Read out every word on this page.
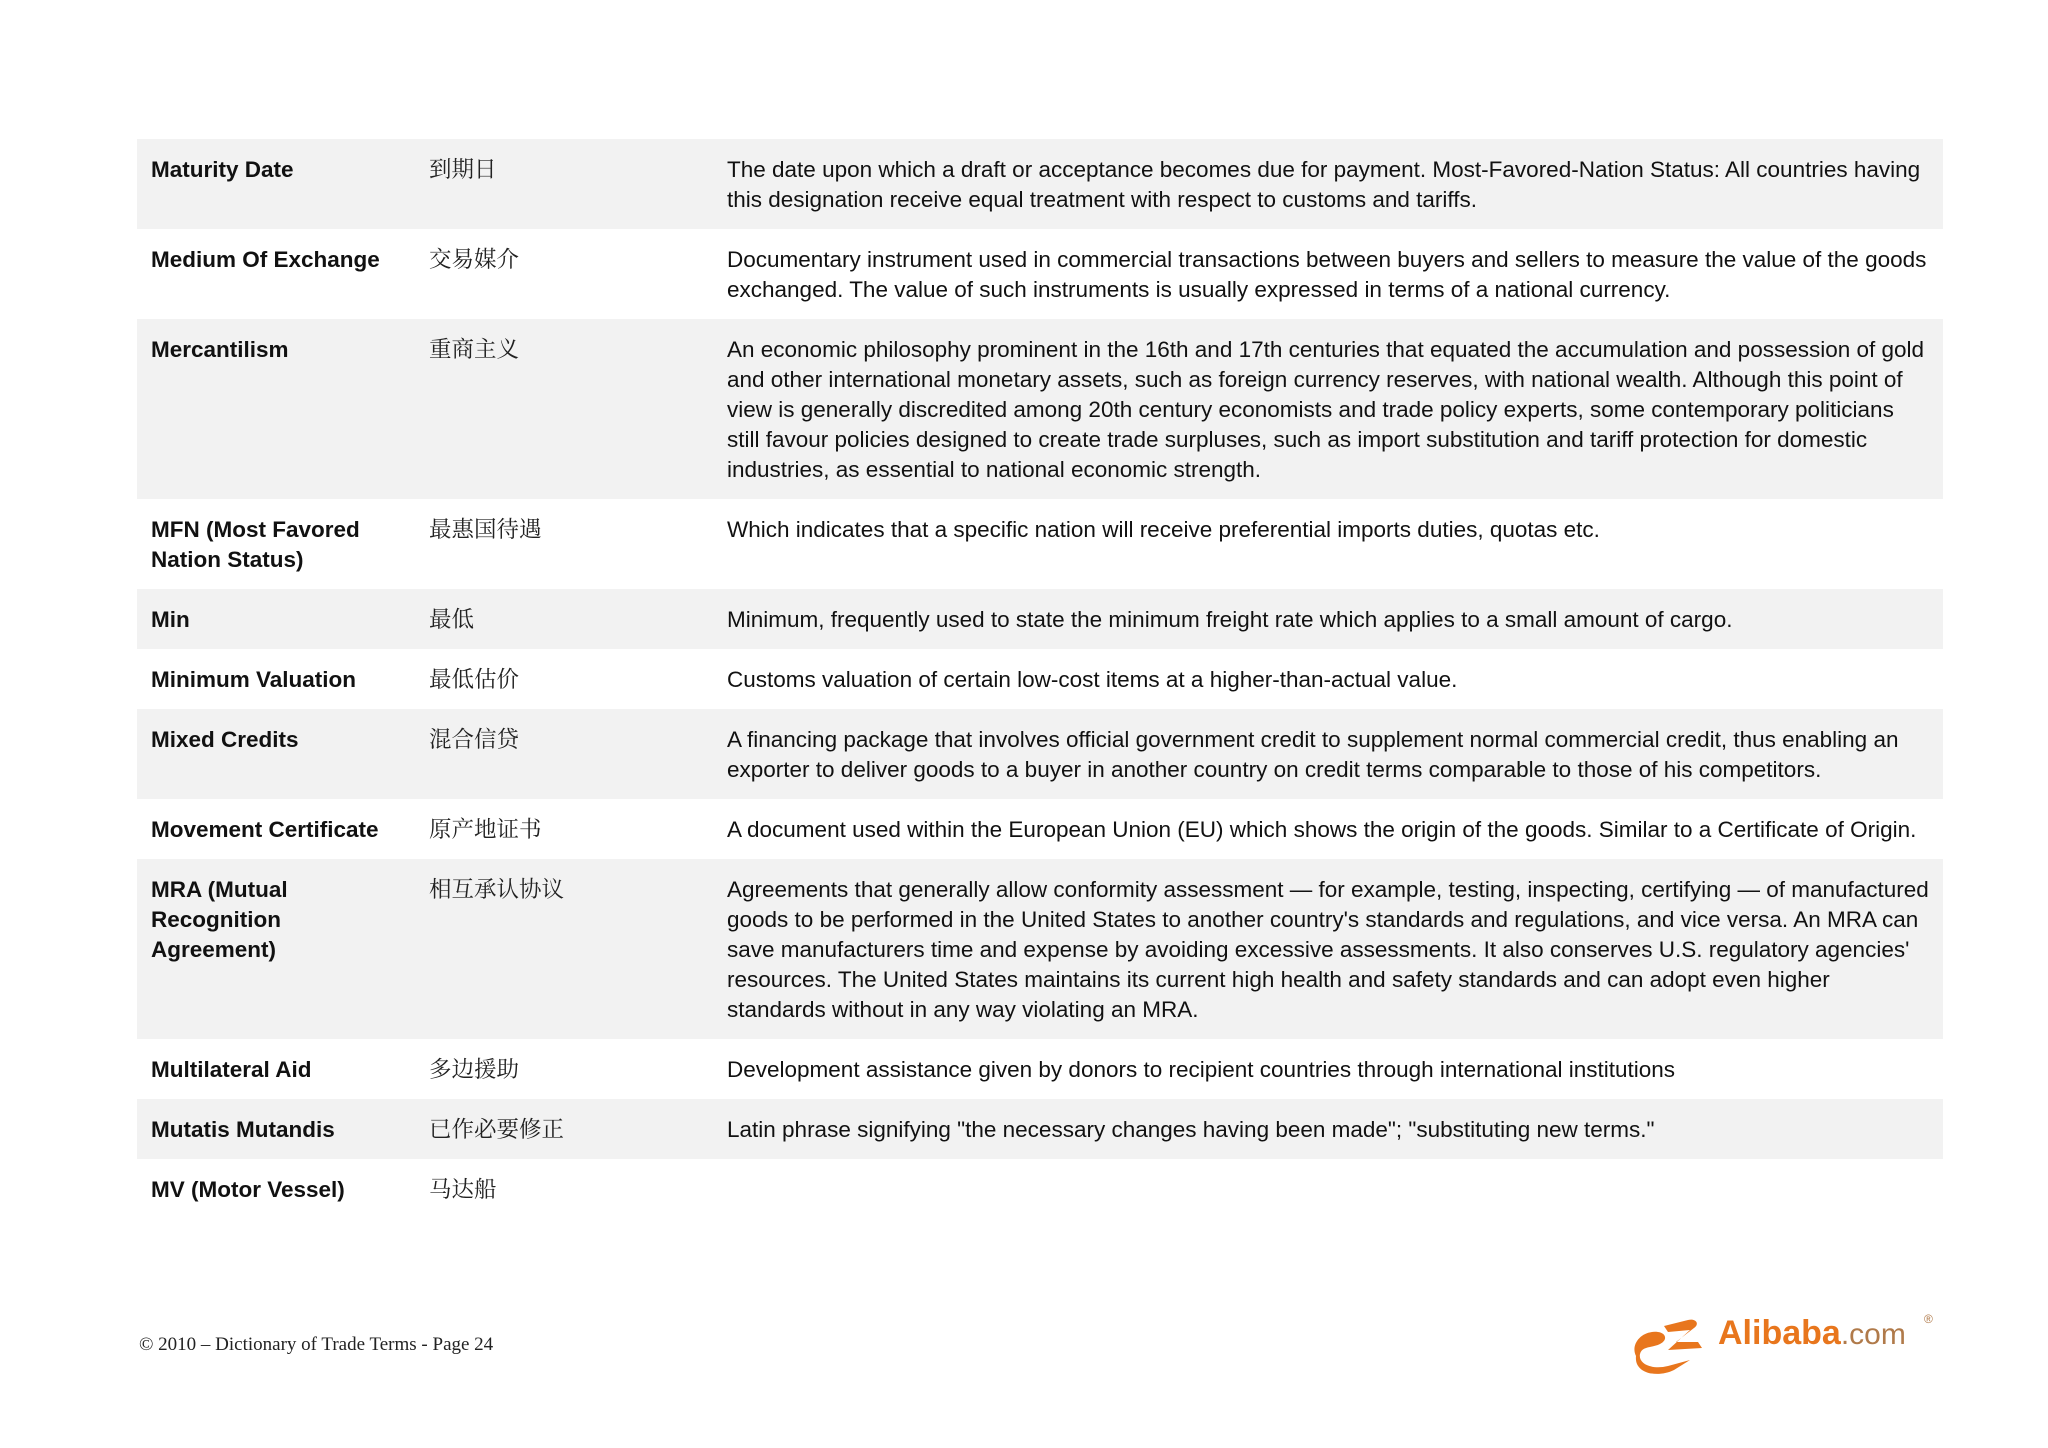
Maturity Date	到期日	The date upon which a draft or acceptance becomes due for payment. Most-Favored-Nation Status: All countries having this designation receive equal treatment with respect to customs and tariffs.
Medium Of Exchange	交易媒介	Documentary instrument used in commercial transactions between buyers and sellers to measure the value of the goods exchanged. The value of such instruments is usually expressed in terms of a national currency.
Mercantilism	重商主义	An economic philosophy prominent in the 16th and 17th centuries that equated the accumulation and possession of gold and other international monetary assets, such as foreign currency reserves, with national wealth. Although this point of view is generally discredited among 20th century economists and trade policy experts, some contemporary politicians still favour policies designed to create trade surpluses, such as import substitution and tariff protection for domestic industries, as essential to national economic strength.
MFN (Most Favored Nation Status)	最惠国待遇	Which indicates that a specific nation will receive preferential imports duties, quotas etc.
Min	最低	Minimum, frequently used to state the minimum freight rate which applies to a small amount of cargo.
Minimum Valuation	最低估价	Customs valuation of certain low-cost items at a higher-than-actual value.
Mixed Credits	混合信贷	A financing package that involves official government credit to supplement normal commercial credit, thus enabling an exporter to deliver goods to a buyer in another country on credit terms comparable to those of his competitors.
Movement Certificate	原产地证书	A document used within the European Union (EU) which shows the origin of the goods. Similar to a Certificate of Origin.
MRA (Mutual Recognition Agreement)	相互承认协议	Agreements that generally allow conformity assessment — for example, testing, inspecting, certifying — of manufactured goods to be performed in the United States to another country's standards and regulations, and vice versa. An MRA can save manufacturers time and expense by avoiding excessive assessments. It also conserves U.S. regulatory agencies' resources. The United States maintains its current high health and safety standards and can adopt even higher standards without in any way violating an MRA.
Multilateral Aid	多边援助	Development assistance given by donors to recipient countries through international institutions
Mutatis Mutandis	已作必要修正	Latin phrase signifying "the necessary changes having been made"; "substituting new terms."
MV (Motor Vessel)	马达船	
© 2010 – Dictionary of Trade Terms - Page 24	Alibaba.com ®
